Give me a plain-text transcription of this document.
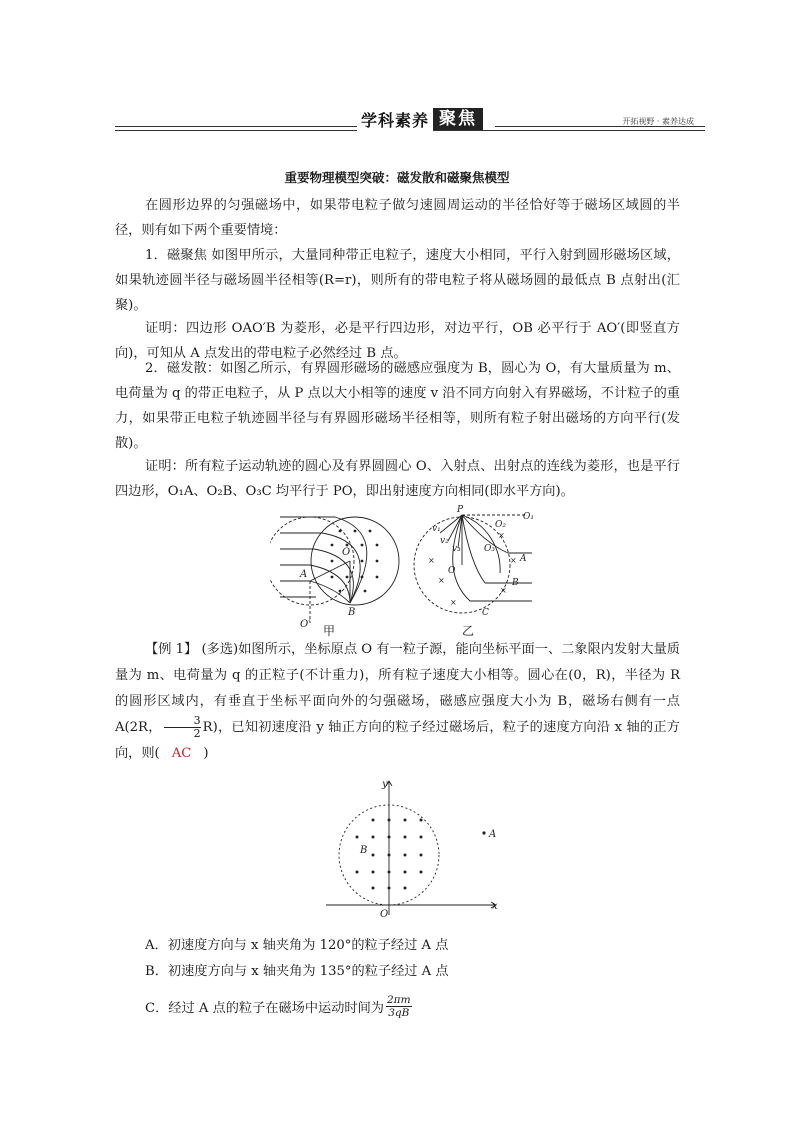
学科素养 聚焦	开拓视野 · 素养达成
重要物理模型突破：磁发散和磁聚焦模型
在圆形边界的匀强磁场中，如果带电粒子做匀速圆周运动的半径恰好等于磁场区域圆的半径，则有如下两个重要情境：
1．磁聚焦 如图甲所示，大量同种带正电粒子，速度大小相同，平行入射到圆形磁场区域，如果轨迹圆半径与磁场圆半径相等(R=r)，则所有的带电粒子将从磁场圆的最低点 B 点射出(汇聚)。
证明：四边形 OAO′B 为菱形，必是平行四边形，对边平行，OB 必平行于 AO′(即竖直方向)，可知从 A 点发出的带电粒子必然经过 B 点。
2．磁发散：如图乙所示，有界圆形磁场的磁感应强度为 B，圆心为 O，有大量质量为 m、电荷量为 q 的带正电粒子，从 P 点以大小相等的速度 v 沿不同方向射入有界磁场，不计粒子的重力，如果带正电粒子轨迹圆半径与有界圆形磁场半径相等，则所有粒子射出磁场的方向平行(发散)。
证明：所有粒子运动轨迹的圆心及有界圆圆心 O、入射点、出射点的连线为菱形，也是平行四边形，O₁A、O₂B、O₃C 均平行于 PO，即出射速度方向相同(即水平方向)。
O
A
B
O′
×
×
×
×
×
×
P
O₂
O₁
O₃
A
B
C
O
v₁
v₂
v₃
甲	乙
【例 1】 (多选)如图所示，坐标原点 O 有一粒子源，能向坐标平面一、二象限内发射大量质量为 m、电荷量为 q 的正粒子(不计重力)，所有粒子速度大小相等。圆心在(0，R)，半径为 R 的圆形区域内，有垂直于坐标平面向外的匀强磁场，磁感应强度大小为 B，磁场右侧有一点 A(2R， $\frac{3}{2} R$)，已知初速度沿 y 轴正方向的粒子经过磁场后，粒子的速度方向沿 x 轴的正方向，则( AC )
y
x
O
B
A
A．初速度方向与 x 轴夹角为 120°的粒子经过 A 点
B．初速度方向与 x 轴夹角为 135°的粒子经过 A 点
C．经过 A 点的粒子在磁场中运动时间为 $\frac{2\pi m}{3qB}$
